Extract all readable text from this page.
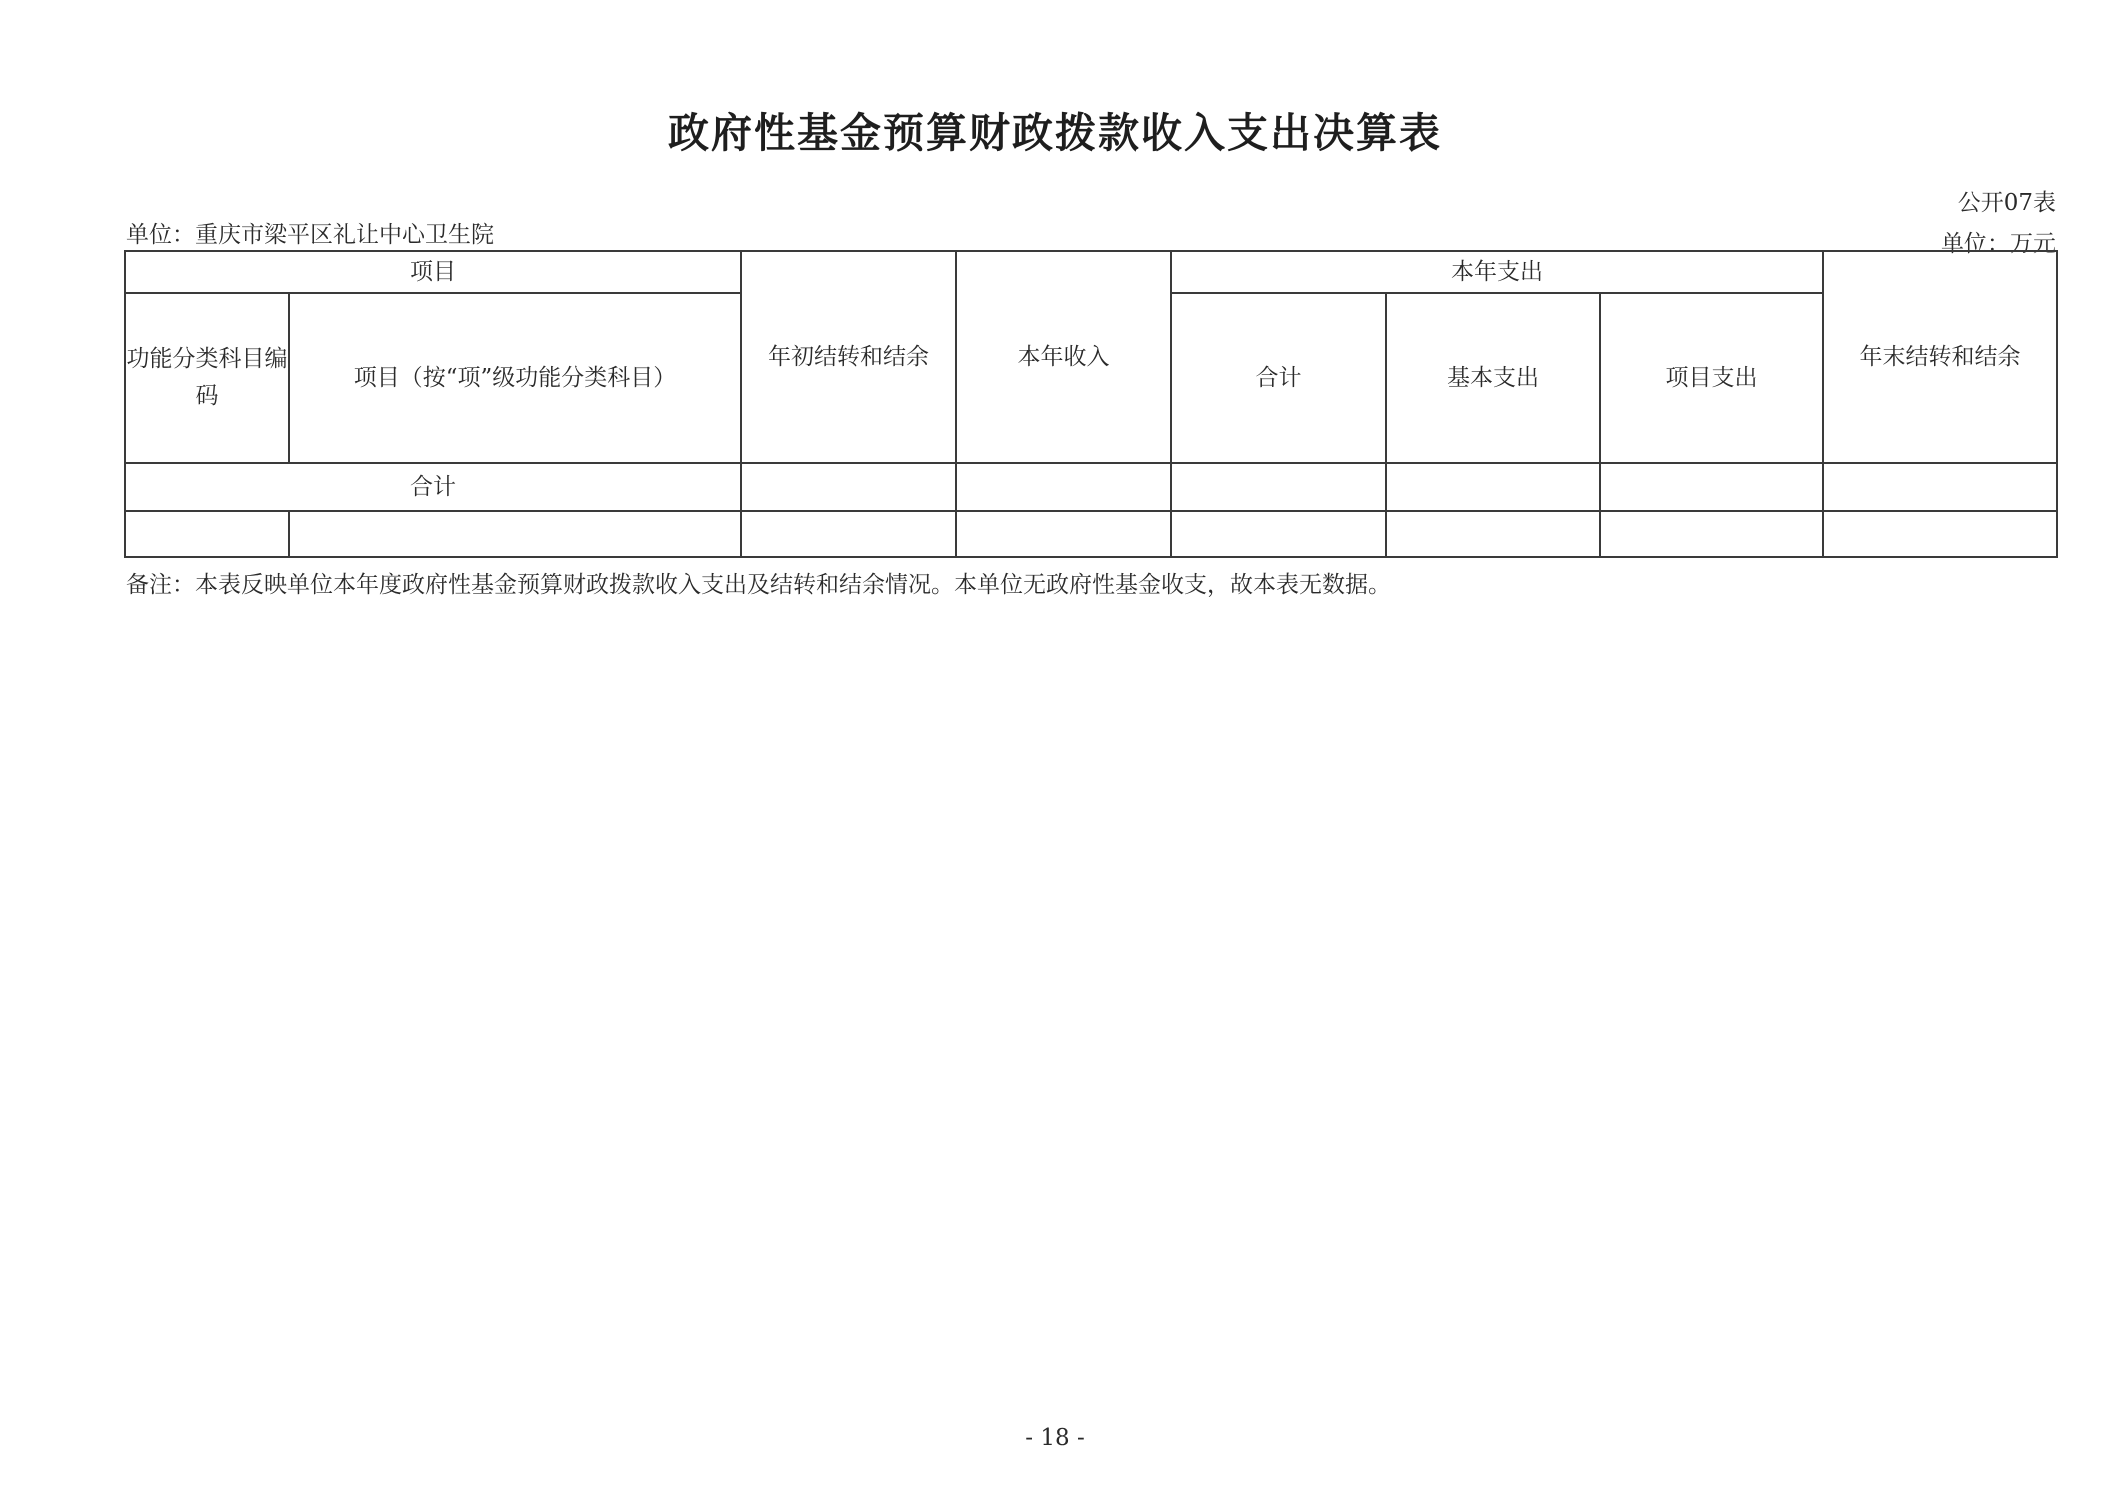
政府性基金预算财政拨款收入支出决算表
公开07表
单位：重庆市梁平区礼让中心卫生院	单位：万元
项目		年初结转和结余	本年收入	本年支出			年末结转和结余
功能分类科目编码	项目（按“项”级功能分类科目）			合计	基本支出	项目支出	
合计							

备注：本表反映单位本年度政府性基金预算财政拨款收入支出及结转和结余情况。本单位无政府性基金收支，故本表无数据。
- 18 -
